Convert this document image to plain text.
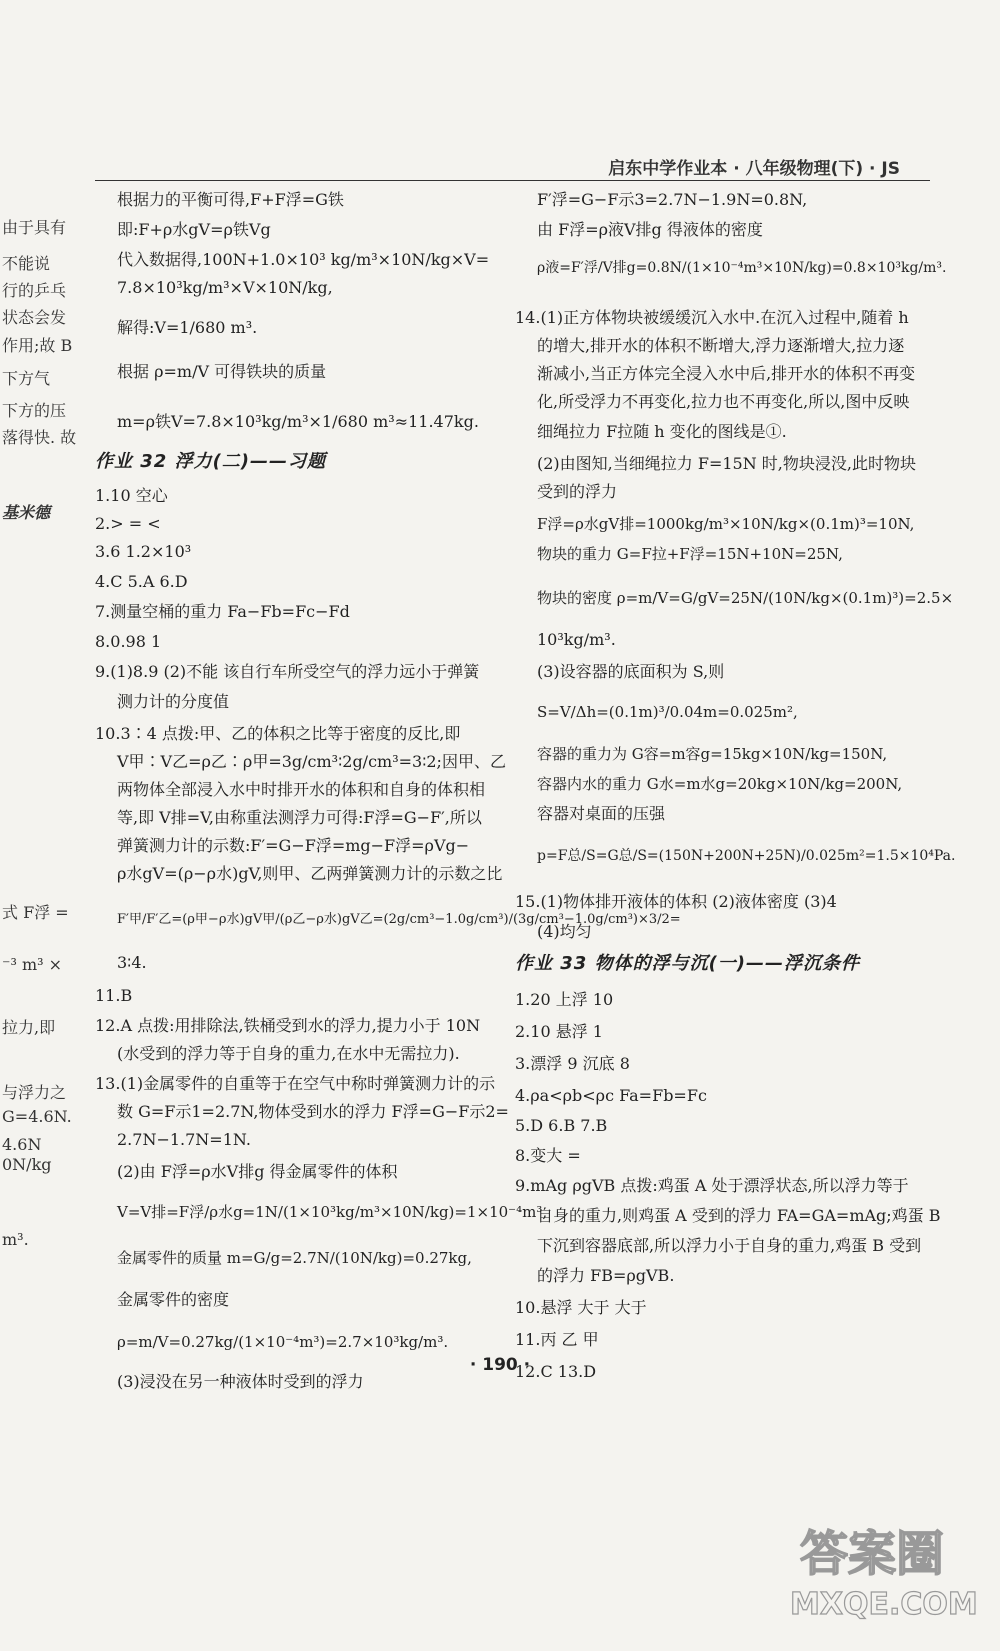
启东中学作业本 · 八年级物理(下) · JS
由于具有
不能说
行的乒乓
状态会发
作用;故 B
下方气
下方的压
落得快. 故
基米德
式 F浮 =
⁻³ m³ ×
拉力,即
与浮力之
G=4.6N.
4.6N
0N/kg
m³.
根据力的平衡可得,F+F浮=G铁
即:F+ρ水gV=ρ铁Vg
代入数据得,100N+1.0×10³ kg/m³×10N/kg×V=
7.8×10³kg/m³×V×10N/kg,
解得:V=1/680 m³.
根据 ρ=m/V 可得铁块的质量
m=ρ铁V=7.8×10³kg/m³×1/680 m³≈11.47kg.
作业 32 浮力(二)——习题
1.10 空心
2.> = <
3.6 1.2×10³
4.C 5.A 6.D
7.测量空桶的重力 Fa−Fb=Fc−Fd
8.0.98 1
9.(1)8.9 (2)不能 该自行车所受空气的浮力远小于弹簧
测力计的分度值
10.3∶4 点拨:甲、乙的体积之比等于密度的反比,即
V甲∶V乙=ρ乙∶ρ甲=3g/cm³∶2g/cm³=3∶2;因甲、乙
两物体全部浸入水中时排开水的体积和自身的体积相
等,即 V排=V,由称重法测浮力可得:F浮=G−F′,所以
弹簧测力计的示数:F′=G−F浮=mg−F浮=ρVg−
ρ水gV=(ρ−ρ水)gV,则甲、乙两弹簧测力计的示数之比
F′甲/F′乙=(ρ甲−ρ水)gV甲/(ρ乙−ρ水)gV乙=(2g/cm³−1.0g/cm³)/(3g/cm³−1.0g/cm³)×3/2=
3∶4.
11.B
12.A 点拨:用排除法,铁桶受到水的浮力,提力小于 10N
(水受到的浮力等于自身的重力,在水中无需拉力).
13.(1)金属零件的自重等于在空气中称时弹簧测力计的示
数 G=F示1=2.7N,物体受到水的浮力 F浮=G−F示2=
2.7N−1.7N=1N.
(2)由 F浮=ρ水V排g 得金属零件的体积
V=V排=F浮/ρ水g=1N/(1×10³kg/m³×10N/kg)=1×10⁻⁴m³,
金属零件的质量 m=G/g=2.7N/(10N/kg)=0.27kg,
金属零件的密度
ρ=m/V=0.27kg/(1×10⁻⁴m³)=2.7×10³kg/m³.
(3)浸没在另一种液体时受到的浮力
F′浮=G−F示3=2.7N−1.9N=0.8N,
由 F浮=ρ液V排g 得液体的密度
ρ液=F′浮/V排g=0.8N/(1×10⁻⁴m³×10N/kg)=0.8×10³kg/m³.
14.(1)正方体物块被缓缓沉入水中.在沉入过程中,随着 h
的增大,排开水的体积不断增大,浮力逐渐增大,拉力逐
渐减小,当正方体完全浸入水中后,排开水的体积不再变
化,所受浮力不再变化,拉力也不再变化,所以,图中反映
细绳拉力 F拉随 h 变化的图线是①.
(2)由图知,当细绳拉力 F=15N 时,物块浸没,此时物块
受到的浮力
F浮=ρ水gV排=1000kg/m³×10N/kg×(0.1m)³=10N,
物块的重力 G=F拉+F浮=15N+10N=25N,
物块的密度 ρ=m/V=G/gV=25N/(10N/kg×(0.1m)³)=2.5×
10³kg/m³.
(3)设容器的底面积为 S,则
S=V/Δh=(0.1m)³/0.04m=0.025m²,
容器的重力为 G容=m容g=15kg×10N/kg=150N,
容器内水的重力 G水=m水g=20kg×10N/kg=200N,
容器对桌面的压强
p=F总/S=G总/S=(150N+200N+25N)/0.025m²=1.5×10⁴Pa.
15.(1)物体排开液体的体积 (2)液体密度 (3)4
(4)均匀
作业 33 物体的浮与沉(一)——浮沉条件
1.20 上浮 10
2.10 悬浮 1
3.漂浮 9 沉底 8
4.ρa<ρb<ρc Fa=Fb=Fc
5.D 6.B 7.B
8.变大 =
9.mAg ρgVB 点拨:鸡蛋 A 处于漂浮状态,所以浮力等于
自身的重力,则鸡蛋 A 受到的浮力 FA=GA=mAg;鸡蛋 B
下沉到容器底部,所以浮力小于自身的重力,鸡蛋 B 受到
的浮力 FB=ρgVB.
10.悬浮 大于 大于
11.丙 乙 甲
12.C 13.D
· 190 ·
答案圈
MXQE.COM
